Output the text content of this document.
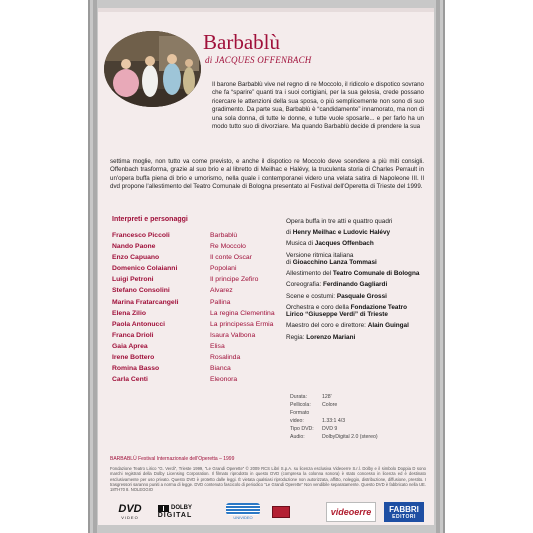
Barbablù
di JACQUES OFFENBACH
Il barone Barbablù vive nel regno di re Moccolo, il ridicolo e dispotico sovrano che fa “sparire” quanti tra i suoi cortigiani, per la sua gelosia, crede possano ricercare le attenzioni della sua sposa, o più semplicemente non sono di suo gradimento. Da parte sua, Barbablù è “candidamente” innamorato, ma non di una sola donna, di tutte le donne, e tutte vuole sposarle... e per farlo ha un modo tutto suo di divorziare. Ma quando Barbablù decide di prendere la sua
settima moglie, non tutto va come previsto, e anche il dispotico re Moccolo deve scendere a più miti consigli. Offenbach trasforma, grazie al suo brio e al libretto di Meilhac e Halévy, la truculenta storia di Charles Perrault in un'opera buffa piena di brio e umorismo, nella quale i contemporanei videro una velata satira di Napoleone III. Il dvd propone l'allestimento del Teatro Comunale di Bologna presentato al Festival dell'Operetta di Trieste del 1999.
Interpreti e personaggi
Francesco Piccoli	Barbablù
Nando Paone	Re Moccolo
Enzo Capuano	Il conte Oscar
Domenico Colaianni	Popolani
Luigi Petroni	Il principe Zefiro
Stefano Consolini	Alvarez
Marina Fratarcangeli	Pallina
Elena Zilio	La regina Clementina
Paola Antonucci	La principessa Ermia
Franca Drioli	Isaura Valbona
Gaia Aprea	Elisa
Irene Bottero	Rosalinda
Romina Basso	Bianca
Carla Centi	Eleonora

Opera buffa in tre atti e quattro quadri

di Henry Meilhac e Ludovic Halévy

Musica di Jacques Offenbach

Versione ritmica italiana

di Gioacchino Lanza Tommasi

Allestimento del Teatro Comunale di Bologna

Coreografia: Ferdinando Gagliardi

Scene e costumi: Pasquale Grossi

Orchestra e coro della Fondazione Teatro

Lirico “Giuseppe Verdi” di Trieste

Maestro del coro e direttore: Alain Guingal

Regia: Lorenzo Mariani

Durata:	128'
Pellicola: Colore
Formato video:	1.33:1 4/3
Tipo DVD: DVD 9
Audio:	DolbyDigital 2.0 (stereo)
BARBABLÙ Festival Internazionale dell'Operetta – 1999
Fondazione Teatro Lirico “G. Verdi”, Trieste 1999, “Le Grandi Operette” © 2009 RCS Libri S.p.A. su licenza esclusiva Videoerre S.r.l. Dolby e il simbolo Doppia D sono marchi registrati della Dolby Licensing Corporation. Il filmato riprodotto in questo DVD (compresa la colonna sonora) è stato concesso in licenza ed è destinato esclusivamente per uso privato. Questo DVD è protetto dalle leggi. È vietata qualsiasi riproduzione non autorizzata, affitto, noleggio, distribuzione, diffusione, prestito. I trasgressori saranno puniti a norma di legge. DVD contenuto fascicolo di periodico “Le Grandi Operette” Non vendibile separatamente. Questo DVD è fabbricato nella UE. 18TH70 8. NOLEGGIO
DVD
VIDEO
DOLBY
DIGITAL	UNIVIDEO
videoerre FABBRI
EDITORI
